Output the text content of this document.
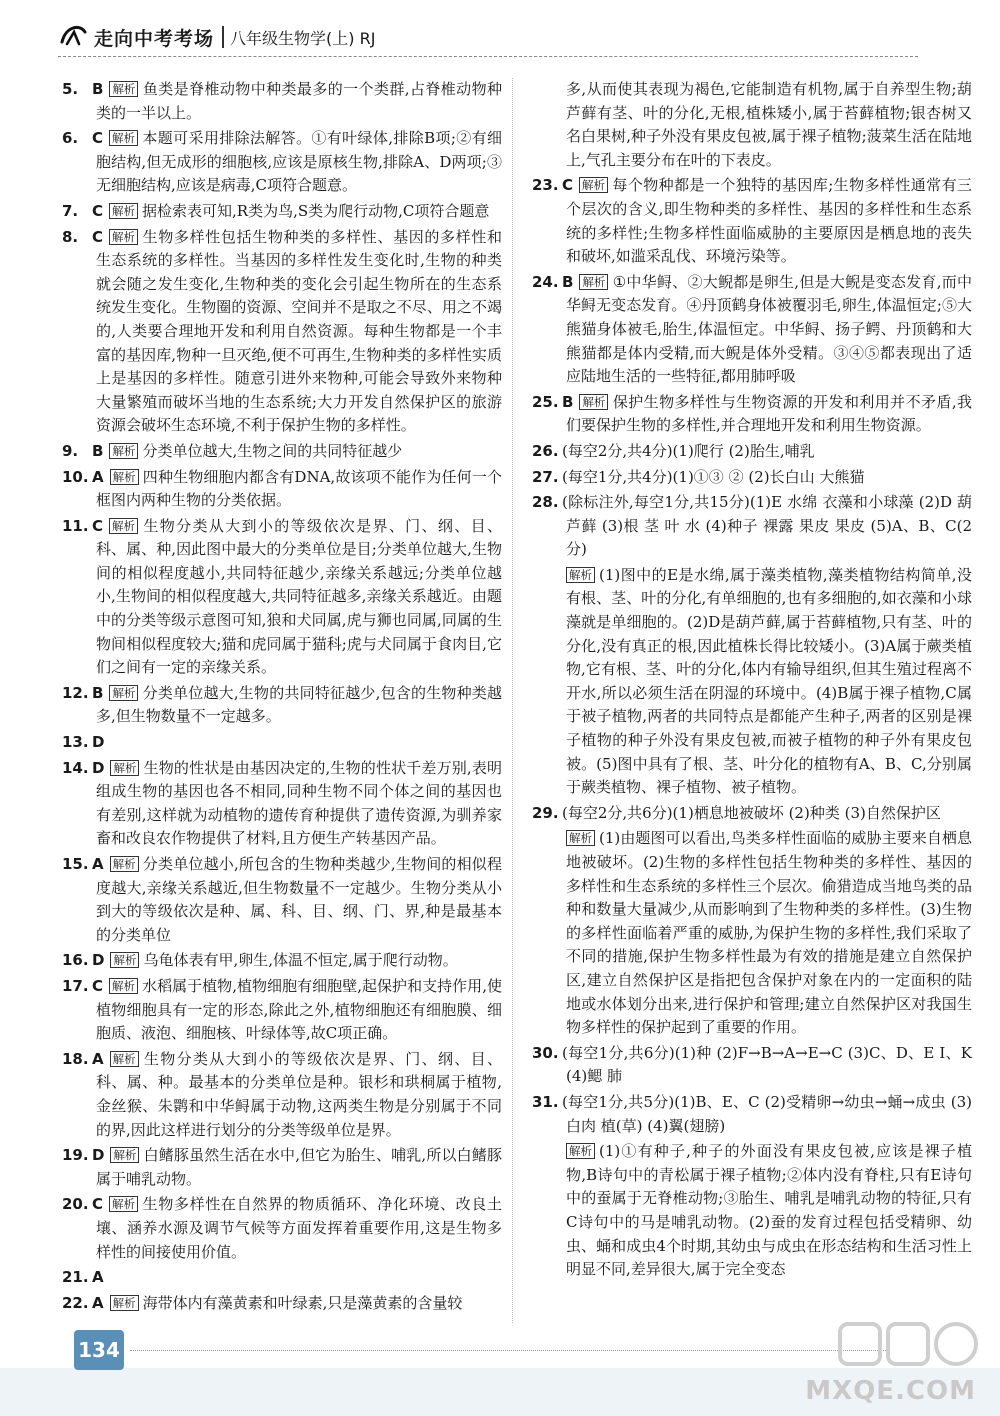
走向中考考场 八年级生物学(上) RJ

5. B 解析 鱼类是脊椎动物中种类最多的一个类群,占脊椎动物种类的一半以上。

6. C 解析 本题可采用排除法解答。①有叶绿体,排除B项;②有细胞结构,但无成形的细胞核,应该是原核生物,排除A、D两项;③无细胞结构,应该是病毒,C项符合题意。

7. C 解析 据检索表可知,R类为鸟,S类为爬行动物,C项符合题意

8. C 解析 生物多样性包括生物种类的多样性、基因的多样性和生态系统的多样性。当基因的多样性发生变化时,生物的种类就会随之发生变化,生物种类的变化会引起生物所在的生态系统发生变化。生物圈的资源、空间并不是取之不尽、用之不竭的,人类要合理地开发和利用自然资源。每种生物都是一个丰富的基因库,物种一旦灭绝,便不可再生,生物种类的多样性实质上是基因的多样性。随意引进外来物种,可能会导致外来物种大量繁殖而破坏当地的生态系统;大力开发自然保护区的旅游资源会破坏生态环境,不利于保护生物的多样性。

9. B 解析 分类单位越大,生物之间的共同特征越少

10. A 解析 四种生物细胞内都含有DNA,故该项不能作为任何一个框图内两种生物的分类依据。

11. C 解析 生物分类从大到小的等级依次是界、门、纲、目、科、属、种,因此图中最大的分类单位是目;分类单位越大,生物间的相似程度越小,共同特征越少,亲缘关系越远;分类单位越小,生物间的相似程度越大,共同特征越多,亲缘关系越近。由题中的分类等级示意图可知,狼和犬同属,虎与狮也同属,同属的生物间相似程度较大;猫和虎同属于猫科;虎与犬同属于食肉目,它们之间有一定的亲缘关系。

12. B 解析 分类单位越大,生物的共同特征越少,包含的生物种类越多,但生物数量不一定越多。

13. D

14. D 解析 生物的性状是由基因决定的,生物的性状千差万别,表明组成生物的基因也各不相同,同种生物不同个体之间的基因也有差别,这样就为动植物的遗传育种提供了遗传资源,为驯养家畜和改良农作物提供了材料,且方便生产转基因产品。

15. A 解析 分类单位越小,所包含的生物种类越少,生物间的相似程度越大,亲缘关系越近,但生物数量不一定越少。生物分类从小到大的等级依次是种、属、科、目、纲、门、界,种是最基本的分类单位

16. D 解析 乌龟体表有甲,卵生,体温不恒定,属于爬行动物。

17. C 解析 水稻属于植物,植物细胞有细胞壁,起保护和支持作用,使植物细胞具有一定的形态,除此之外,植物细胞还有细胞膜、细胞质、液泡、细胞核、叶绿体等,故C项正确。

18. A 解析 生物分类从大到小的等级依次是界、门、纲、目、科、属、种。最基本的分类单位是种。银杉和珙桐属于植物,金丝猴、朱鹮和中华鲟属于动物,这两类生物是分别属于不同的界,因此这样进行划分的分类等级单位是界。

19. D 解析 白鳍豚虽然生活在水中,但它为胎生、哺乳,所以白鳍豚属于哺乳动物。

20. C 解析 生物多样性在自然界的物质循环、净化环境、改良土壤、涵养水源及调节气候等方面发挥着重要作用,这是生物多样性的间接使用价值。

21. A

22. A 解析 海带体内有藻黄素和叶绿素,只是藻黄素的含量较

多,从而使其表现为褐色,它能制造有机物,属于自养型生物;葫芦藓有茎、叶的分化,无根,植株矮小,属于苔藓植物;银杏树又名白果树,种子外没有果皮包被,属于裸子植物;菠菜生活在陆地上,气孔主要分布在叶的下表皮。

23. C 解析 每个物种都是一个独特的基因库;生物多样性通常有三个层次的含义,即生物种类的多样性、基因的多样性和生态系统的多样性;生物多样性面临威胁的主要原因是栖息地的丧失和破坏,如滥采乱伐、环境污染等。

24. B 解析 ①中华鲟、②大鲵都是卵生,但是大鲵是变态发育,而中华鲟无变态发育。④丹顶鹤身体被覆羽毛,卵生,体温恒定;⑤大熊猫身体被毛,胎生,体温恒定。中华鲟、扬子鳄、丹顶鹤和大熊猫都是体内受精,而大鲵是体外受精。③④⑤都表现出了适应陆地生活的一些特征,都用肺呼吸

25. B 解析 保护生物多样性与生物资源的开发和利用并不矛盾,我们要保护生物的多样性,并合理地开发和利用生物资源。

26. (每空2分,共4分)(1)爬行 (2)胎生,哺乳

27. (每空1分,共4分)(1)①③ ② (2)长白山 大熊猫

28. (除标注外,每空1分,共15分)(1)E 水绵 衣藻和小球藻 (2)D 葫芦藓 (3)根 茎 叶 水 (4)种子 裸露 果皮 果皮 (5)A、B、C(2分)

解析 (1)图中的E是水绵,属于藻类植物,藻类植物结构简单,没有根、茎、叶的分化,有单细胞的,也有多细胞的,如衣藻和小球藻就是单细胞的。(2)D是葫芦藓,属于苔藓植物,只有茎、叶的分化,没有真正的根,因此植株长得比较矮小。(3)A属于蕨类植物,它有根、茎、叶的分化,体内有输导组织,但其生殖过程离不开水,所以必须生活在阴湿的环境中。(4)B属于裸子植物,C属于被子植物,两者的共同特点是都能产生种子,两者的区别是裸子植物的种子外没有果皮包被,而被子植物的种子外有果皮包被。(5)图中具有了根、茎、叶分化的植物有A、B、C,分别属于蕨类植物、裸子植物、被子植物。

29. (每空2分,共6分)(1)栖息地被破坏 (2)种类 (3)自然保护区

解析 (1)由题图可以看出,鸟类多样性面临的威胁主要来自栖息地被破坏。(2)生物的多样性包括生物种类的多样性、基因的多样性和生态系统的多样性三个层次。偷猎造成当地鸟类的品种和数量大量减少,从而影响到了生物种类的多样性。(3)生物的多样性面临着严重的威胁,为保护生物的多样性,我们采取了不同的措施,保护生物多样性最为有效的措施是建立自然保护区,建立自然保护区是指把包含保护对象在内的一定面积的陆地或水体划分出来,进行保护和管理;建立自然保护区对我国生物多样性的保护起到了重要的作用。

30. (每空1分,共6分)(1)种 (2)F→B→A→E→C (3)C、D、E I、K (4)鳃 肺

31. (每空1分,共5分)(1)B、E、C (2)受精卵→幼虫→蛹→成虫 (3)白肉 植(草) (4)翼(翅膀)

解析 (1)①有种子,种子的外面没有果皮包被,应该是裸子植物,B诗句中的青松属于裸子植物;②体内没有脊柱,只有E诗句中的蚕属于无脊椎动物;③胎生、哺乳是哺乳动物的特征,只有C诗句中的马是哺乳动物。(2)蚕的发育过程包括受精卵、幼虫、蛹和成虫4个时期,其幼虫与成虫在形态结构和生活习性上明显不同,差异很大,属于完全变态

134
MXQE.COM
